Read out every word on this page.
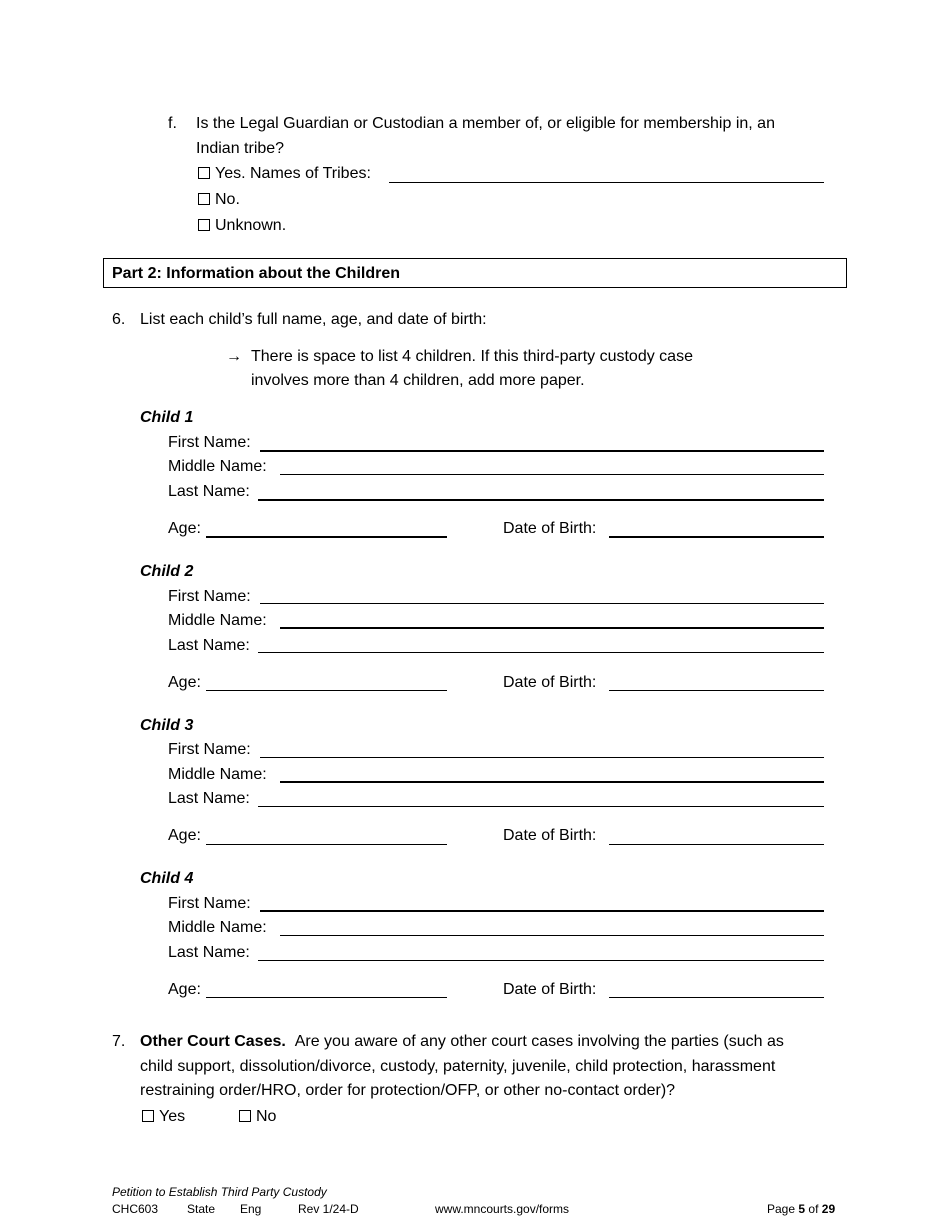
f. Is the Legal Guardian or Custodian a member of, or eligible for membership in, an
Indian tribe?
Yes. Names of Tribes:
No.
Unknown.
Part 2: Information about the Children
6. List each child’s full name, age, and date of birth:
→ There is space to list 4 children. If this third-party custody case
involves more than 4 children, add more paper.
Child 1
First Name:
Middle Name:
Last Name:
Age:	Date of Birth:
Child 2
First Name:
Middle Name:
Last Name:
Age:	Date of Birth:
Child 3
First Name:
Middle Name:
Last Name:
Age:	Date of Birth:
Child 4
First Name:
Middle Name:
Last Name:
Age:	Date of Birth:
7. Other Court Cases. Are you aware of any other court cases involving the parties (such as
child support, dissolution/divorce, custody, paternity, juvenile, child protection, harassment
restraining order/HRO, order for protection/OFP, or other no-contact order)?
Yes	No
Petition to Establish Third Party Custody
CHC603 State Eng	Rev 1/24-D	www.mncourts.gov/forms	Page 5 of 29
